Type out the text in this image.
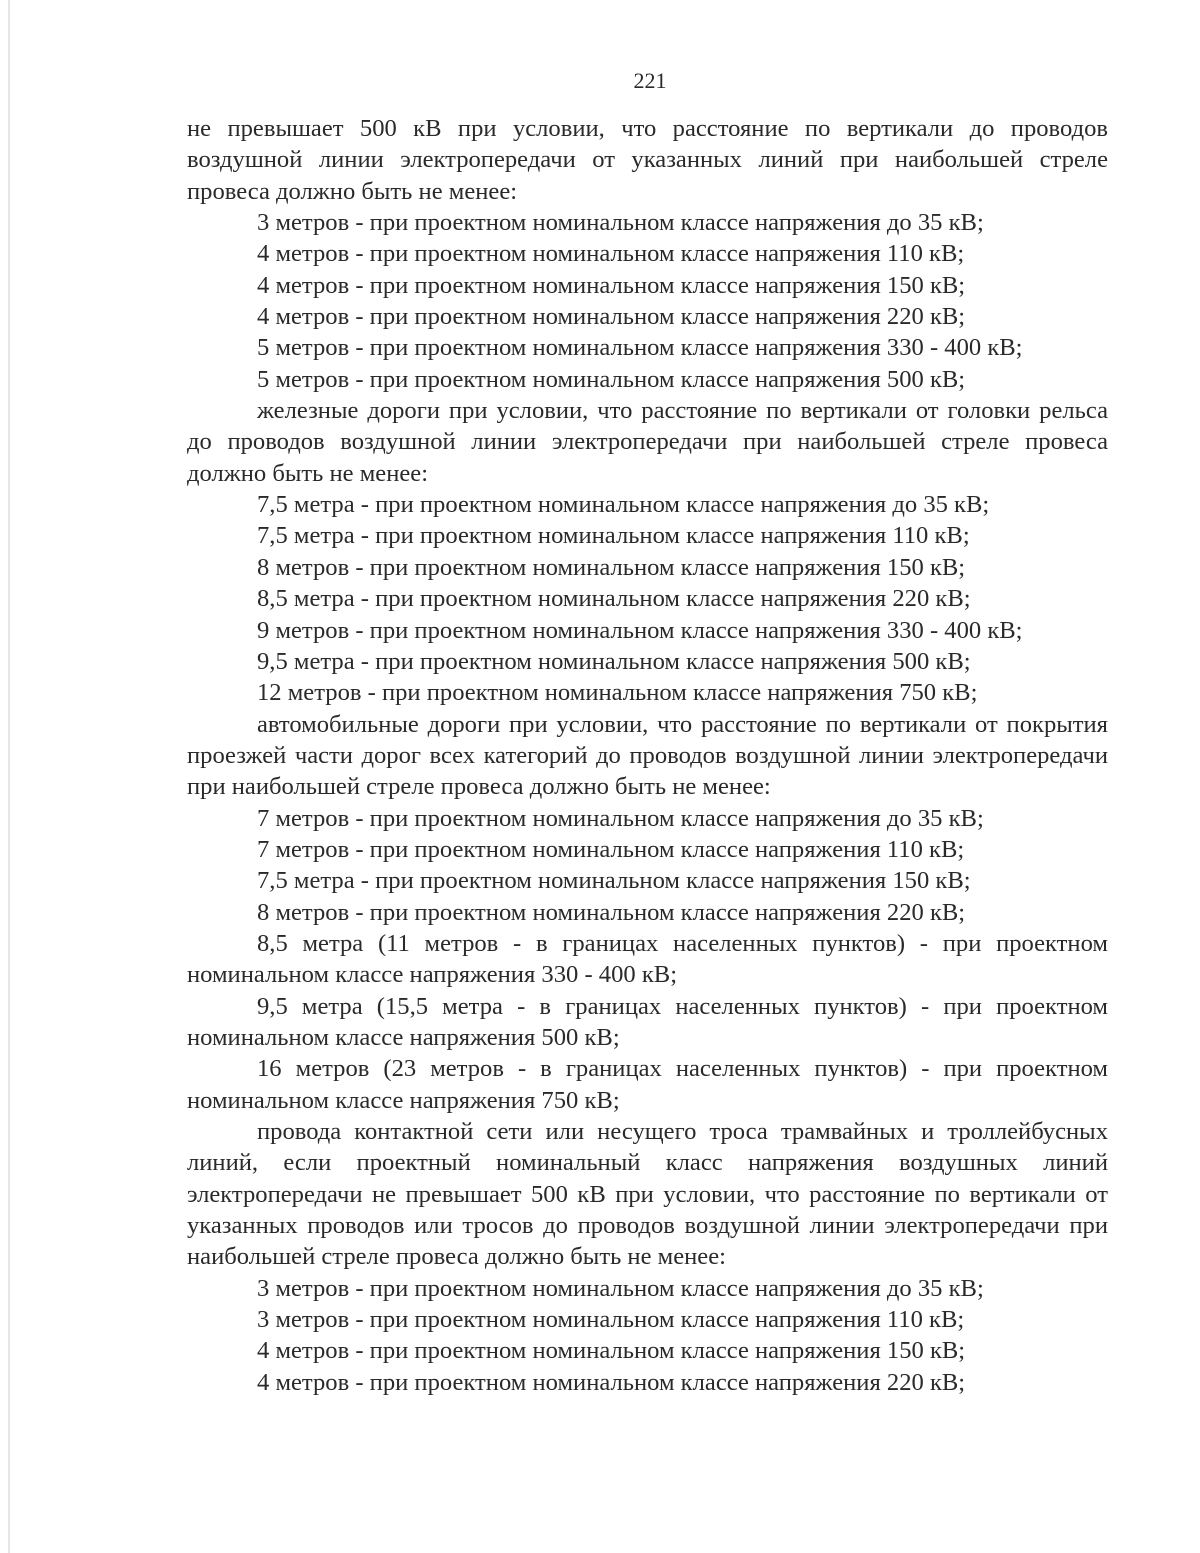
221

не превышает 500 кВ при условии, что расстояние по вертикали до проводов воздушной линии электропередачи от указанных линий при наибольшей стреле провеса должно быть не менее:

3 метров - при проектном номинальном классе напряжения до 35 кВ;

4 метров - при проектном номинальном классе напряжения 110 кВ;

4 метров - при проектном номинальном классе напряжения 150 кВ;

4 метров - при проектном номинальном классе напряжения 220 кВ;

5 метров - при проектном номинальном классе напряжения 330 - 400 кВ;

5 метров - при проектном номинальном классе напряжения 500 кВ;

железные дороги при условии, что расстояние по вертикали от головки рельса до проводов воздушной линии электропередачи при наибольшей стреле провеса должно быть не менее:

7,5 метра - при проектном номинальном классе напряжения до 35 кВ;

7,5 метра - при проектном номинальном классе напряжения 110 кВ;

8 метров - при проектном номинальном классе напряжения 150 кВ;

8,5 метра - при проектном номинальном классе напряжения 220 кВ;

9 метров - при проектном номинальном классе напряжения 330 - 400 кВ;

9,5 метра - при проектном номинальном классе напряжения 500 кВ;

12 метров - при проектном номинальном классе напряжения 750 кВ;

автомобильные дороги при условии, что расстояние по вертикали от покрытия проезжей части дорог всех категорий до проводов воздушной линии электропередачи при наибольшей стреле провеса должно быть не менее:

7 метров - при проектном номинальном классе напряжения до 35 кВ;

7 метров - при проектном номинальном классе напряжения 110 кВ;

7,5 метра - при проектном номинальном классе напряжения 150 кВ;

8 метров - при проектном номинальном классе напряжения 220 кВ;

8,5 метра (11 метров - в границах населенных пунктов) - при проектном номинальном классе напряжения 330 - 400 кВ;

9,5 метра (15,5 метра - в границах населенных пунктов) - при проектном номинальном классе напряжения 500 кВ;

16 метров (23 метров - в границах населенных пунктов) - при проектном номинальном классе напряжения 750 кВ;

провода контактной сети или несущего троса трамвайных и троллейбусных линий, если проектный номинальный класс напряжения воздушных линий электропередачи не превышает 500 кВ при условии, что расстояние по вертикали от указанных проводов или тросов до проводов воздушной линии электропередачи при наибольшей стреле провеса должно быть не менее:

3 метров - при проектном номинальном классе напряжения до 35 кВ;

3 метров - при проектном номинальном классе напряжения 110 кВ;

4 метров - при проектном номинальном классе напряжения 150 кВ;

4 метров - при проектном номинальном классе напряжения 220 кВ;
